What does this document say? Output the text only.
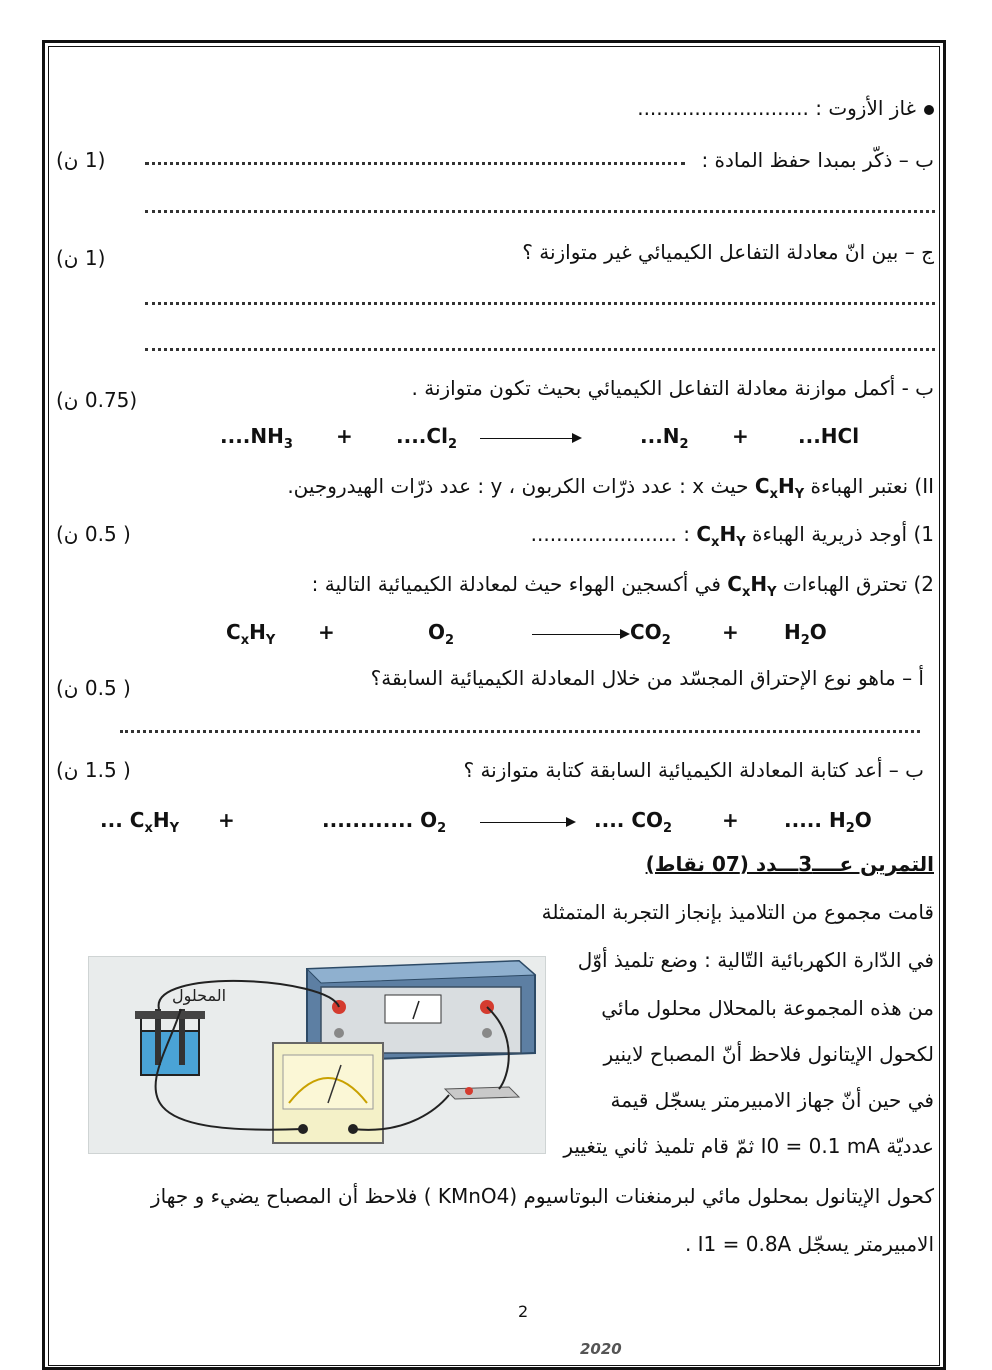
غاز الأزوت : ...........................
ب – ذكّر بمبدا حفظ المادة :
(1 ن)
ج – بين انّ معادلة التفاعل الكيميائي غير متوازنة ؟
(1 ن)
ب - أكمل موازنة معادلة التفاعل الكيميائي بحيث تكون متوازنة .
(0.75 ن)
$....NH_3 + ....Cl_2$	$...N_2 + ...HCl$
II) نعتبر الهباءة $C_xH_Y$ حيث x : عدد ذرّات الكربون ، y : عدد ذرّات الهيدروجين.
1) أوجد ذريرية الهباءة $C_xH_Y$ : .......................
( 0.5 ن)
2) تحترق الهباءات $C_xH_Y$ في أكسجين الهواء حيث لمعادلة الكيميائية التالية :
$C_xH_Y$ +	$O_2$	$CO_2$	+ $H_2O$
أ – ماهو نوع الإحتراق المجسّد من خلال المعادلة الكيميائية السابقة؟
( 0.5 ن)
ب – أعد كتابة المعادلة الكيميائية السابقة كتابة متوازنة ؟
( 1.5 ن)
... $C_xH_Y$ +	............ $O_2$	.... $CO_2$ + ..... $H_2O$
التمرين عــــ3ـــدد (07 نقاط)
قامت مجموع من التلاميذ بإنجاز التجربة المتمثلة
في الدّارة الكهربائية التّالية : وضع تلميذ أوّل
من هذه المجموعة بالمحلال محلول مائي
لكحول الإيتانول فلاحظ أنّ المصباح لاينير
في حين أنّ جهاز الامبيرمتر يسجّل قيمة
عدديّة I0 = 0.1 mA ثمّ قام تلميذ ثاني يتغيير
كحول الإيتانول بمحلول مائي لبرمنغنات البوتاسيوم (KMnO4 ) فلاحظ أن المصباح يضيء و جهاز
الامبيرمتر يسجّل I1 = 0.8A .
المحلول
2
2020
